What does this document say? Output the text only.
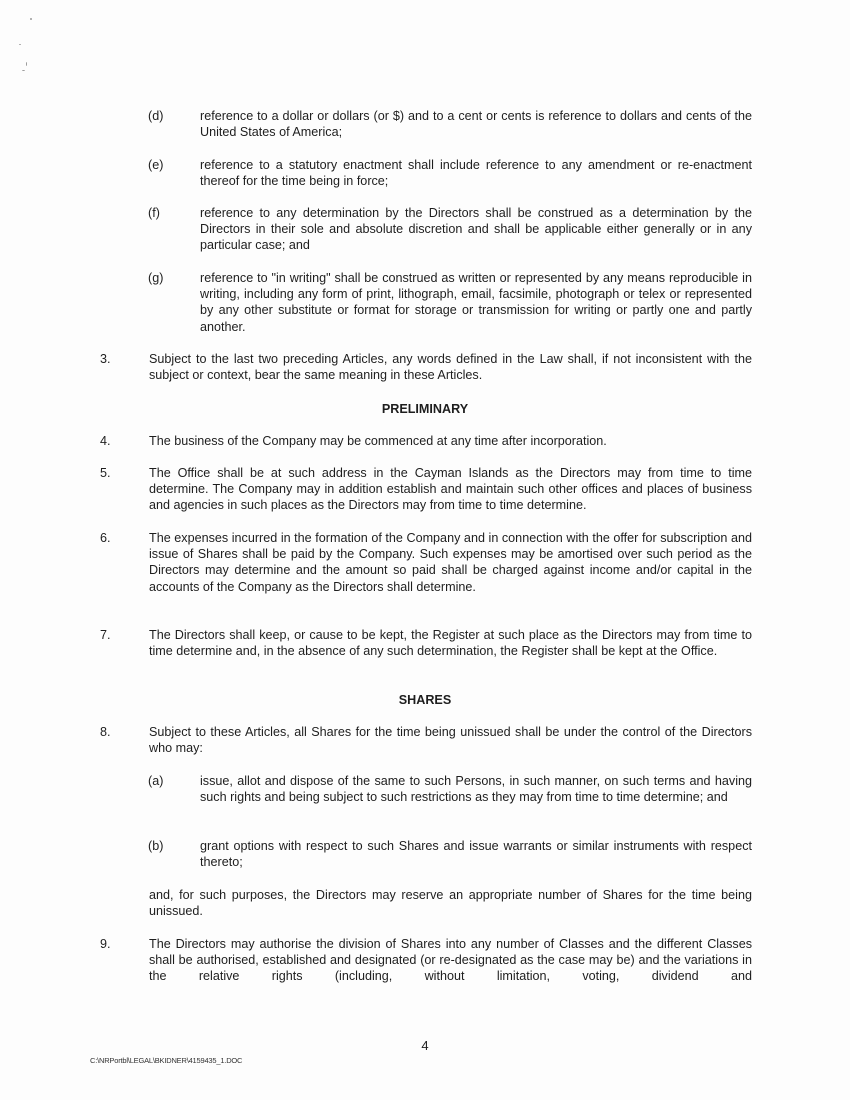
(d)	reference to a dollar or dollars (or $) and to a cent or cents is reference to dollars and cents of the United States of America;
(e)	reference to a statutory enactment shall include reference to any amendment or re-enactment thereof for the time being in force;
(f)	reference to any determination by the Directors shall be construed as a determination by the Directors in their sole and absolute discretion and shall be applicable either generally or in any particular case; and
(g)	reference to "in writing" shall be construed as written or represented by any means reproducible in writing, including any form of print, lithograph, email, facsimile, photograph or telex or represented by any other substitute or format for storage or transmission for writing or partly one and partly another.
3.	Subject to the last two preceding Articles, any words defined in the Law shall, if not inconsistent with the subject or context, bear the same meaning in these Articles.
PRELIMINARY
4.	The business of the Company may be commenced at any time after incorporation.
5.	The Office shall be at such address in the Cayman Islands as the Directors may from time to time determine. The Company may in addition establish and maintain such other offices and places of business and agencies in such places as the Directors may from time to time determine.
6.	The expenses incurred in the formation of the Company and in connection with the offer for subscription and issue of Shares shall be paid by the Company. Such expenses may be amortised over such period as the Directors may determine and the amount so paid shall be charged against income and/or capital in the accounts of the Company as the Directors shall determine.
7.	The Directors shall keep, or cause to be kept, the Register at such place as the Directors may from time to time determine and, in the absence of any such determination, the Register shall be kept at the Office.
SHARES
8.	Subject to these Articles, all Shares for the time being unissued shall be under the control of the Directors who may:
(a)	issue, allot and dispose of the same to such Persons, in such manner, on such terms and having such rights and being subject to such restrictions as they may from time to time determine; and
(b)	grant options with respect to such Shares and issue warrants or similar instruments with respect thereto;
and, for such purposes, the Directors may reserve an appropriate number of Shares for the time being unissued.
9.	The Directors may authorise the division of Shares into any number of Classes and the different Classes shall be authorised, established and designated (or re-designated as the case may be) and the variations in the relative rights (including, without limitation, voting, dividend and
4
C:\NRPortbl\LEGAL\BKIDNER\4159435_1.DOC
